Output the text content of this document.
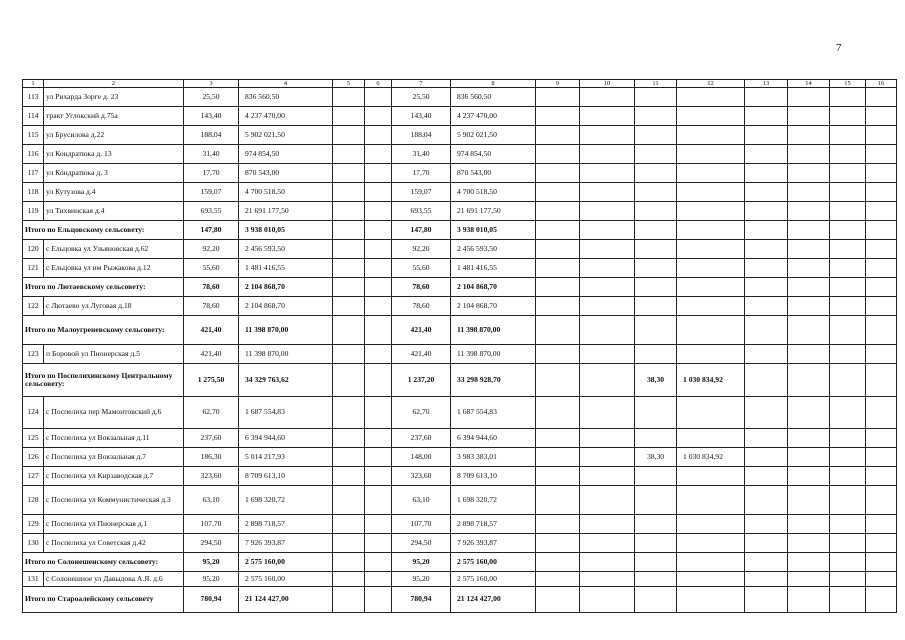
7
1	2	3	4	5	6	7	8	9	10	11	12	13	14	15	16
113	ул Рихарда Зорге д. 23	25,50	836 560,50			25,50	836 560,50								
114	тракт Углокский д.75а	143,40	4 237 470,00			143,40	4 237 470,00								
115	ул Брусилова д.22	188,04	5 902 021,50			188,04	5 902 021,50								
116	ул Кондратюка д. 13	31,40	974 854,50			31,40	974 854,50								
117	ул Кондратюка д. 3	17,70	870 543,00			17,70	870 543,00								
118	ул Кутузова д.4	159,07	4 700 518,50			159,07	4 700 518,50								
119	ул Тихвинская д.4	693,55	21 691 177,50			693,55	21 691 177,50								
Итого по Ельцовскому сельсовету:		147,80	3 938 010,05			147,80	3 938 010,05								
120	с Ельцовка ул Ульяновская д.62	92,20	2 456 593,50			92,20	2 456 593,50								
121	с Ельцовка ул им Рыжакова д.12	55,60	1 481 416,55			55,60	1 481 416,55								
Итого по Лютаевскому сельсовету:		78,60	2 104 868,70			78,60	2 104 868,70								
122	с Лютаево ул Луговая д.18	78,60	2 104 868,70			78,60	2 104 868,70								
Итого по Малоугреневскому сельсовету:		421,40	11 398 870,00			421,40	11 398 870,00								
123	п Боровой ул Пионерская д.5	421,40	11 398 870,00			421,40	11 398 870,00								
Итого по Поспелихинскому Центральному сельсовету:		1 275,50	34 329 763,62			1 237,20	33 298 928,70			38,30	1 030 834,92				
124	с Поспелиха пер Мамонтовский д.6	62,70	1 687 554,83			62,70	1 687 554,83								
125	с Поспелиха ул Вокзальная д.11	237,60	6 394 944,60			237,60	6 394 944,60								
126	с Поспелиха ул Вокзальная д.7	186,30	5 014 217,93			148,00	3 983 383,01			38,30	1 030 834,92				
127	с Поспелиха ул Кирзаводская д.7	323,60	8 709 613,10			323,60	8 709 613,10								
128	с Поспелиха ул Коммунистическая д.3	63,10	1 698 320,72			63,10	1 698 320,72								
129	с Поспелиха ул Пионерская д.1	107,70	2 898 718,57			107,70	2 898 718,57								
130	с Поспелиха ул Советская д.42	294,50	7 926 393,87			294,50	7 926 393,87								
Итого по Солонешенскому сельсовету:		95,20	2 575 160,00			95,20	2 575 160,00								
131	с Солонешное ул Давыдова А.Я. д.6	95,20	2 575 160,00			95,20	2 575 160,00								
Итого по Староалейскому сельсовету		780,94	21 124 427,00			780,94	21 124 427,00								
